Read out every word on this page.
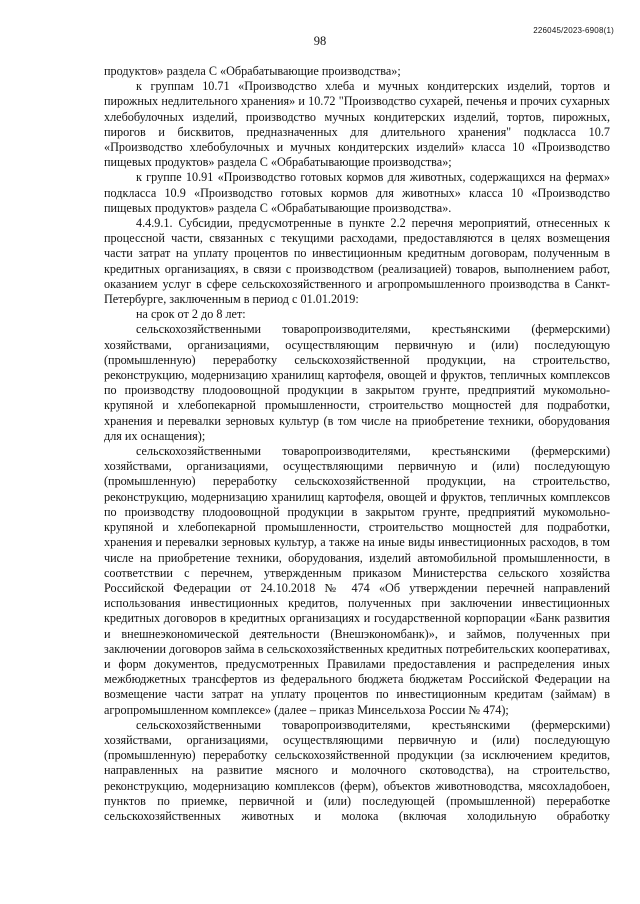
226045/2023-6908(1)
98

продуктов» раздела С «Обрабатывающие производства»;

к группам 10.71 «Производство хлеба и мучных кондитерских изделий, тортов и пирожных недлительного хранения» и 10.72 "Производство сухарей, печенья и прочих сухарных хлебобулочных изделий, производство мучных кондитерских изделий, тортов, пирожных, пирогов и бисквитов, предназначенных для длительного хранения" подкласса 10.7 «Производство хлебобулочных и мучных кондитерских изделий» класса 10 «Производство пищевых продуктов» раздела С «Обрабатывающие производства»;

к группе 10.91 «Производство готовых кормов для животных, содержащихся на фермах» подкласса 10.9 «Производство готовых кормов для животных» класса 10 «Производство пищевых продуктов» раздела С «Обрабатывающие производства».

4.4.9.1. Субсидии, предусмотренные в пункте 2.2 перечня мероприятий, отнесенных к процессной части, связанных с текущими расходами, предоставляются в целях возмещения части затрат на уплату процентов по инвестиционным кредитным договорам, полученным в кредитных организациях, в связи с производством (реализацией) товаров, выполнением работ, оказанием услуг в сфере сельскохозяйственного и агропромышленного производства в Санкт-Петербурге, заключенным в период с 01.01.2019:

на срок от 2 до 8 лет:

сельскохозяйственными товаропроизводителями, крестьянскими (фермерскими) хозяйствами, организациями, осуществляющим первичную и (или) последующую (промышленную) переработку сельскохозяйственной продукции, на строительство, реконструкцию, модернизацию хранилищ картофеля, овощей и фруктов, тепличных комплексов по производству плодоовощной продукции в закрытом грунте, предприятий мукомольно-крупяной и хлебопекарной промышленности, строительство мощностей для подработки, хранения и перевалки зерновых культур (в том числе на приобретение техники, оборудования для их оснащения);

сельскохозяйственными товаропроизводителями, крестьянскими (фермерскими) хозяйствами, организациями, осуществляющими первичную и (или) последующую (промышленную) переработку сельскохозяйственной продукции, на строительство, реконструкцию, модернизацию хранилищ картофеля, овощей и фруктов, тепличных комплексов по производству плодоовощной продукции в закрытом грунте, предприятий мукомольно-крупяной и хлебопекарной промышленности, строительство мощностей для подработки, хранения и перевалки зерновых культур, а также на иные виды инвестиционных расходов, в том числе на приобретение техники, оборудования, изделий автомобильной промышленности, в соответствии с перечнем, утвержденным приказом Министерства сельского хозяйства Российской Федерации от 24.10.2018 № 474 «Об утверждении перечней направлений использования инвестиционных кредитов, полученных при заключении инвестиционных кредитных договоров в кредитных организациях и государственной корпорации «Банк развития и внешнеэкономической деятельности (Внешэкономбанк)», и займов, полученных при заключении договоров займа в сельскохозяйственных кредитных потребительских кооперативах, и форм документов, предусмотренных Правилами предоставления и распределения иных межбюджетных трансфертов из федерального бюджета бюджетам Российской Федерации на возмещение части затрат на уплату процентов по инвестиционным кредитам (займам) в агропромышленном комплексе» (далее – приказ Минсельхоза России № 474);

сельскохозяйственными товаропроизводителями, крестьянскими (фермерскими) хозяйствами, организациями, осуществляющими первичную и (или) последующую (промышленную) переработку сельскохозяйственной продукции (за исключением кредитов, направленных на развитие мясного и молочного скотоводства), на строительство, реконструкцию, модернизацию комплексов (ферм), объектов животноводства, мясохладобоен, пунктов по приемке, первичной и (или) последующей (промышленной) переработке сельскохозяйственных животных и молока (включая холодильную обработку
